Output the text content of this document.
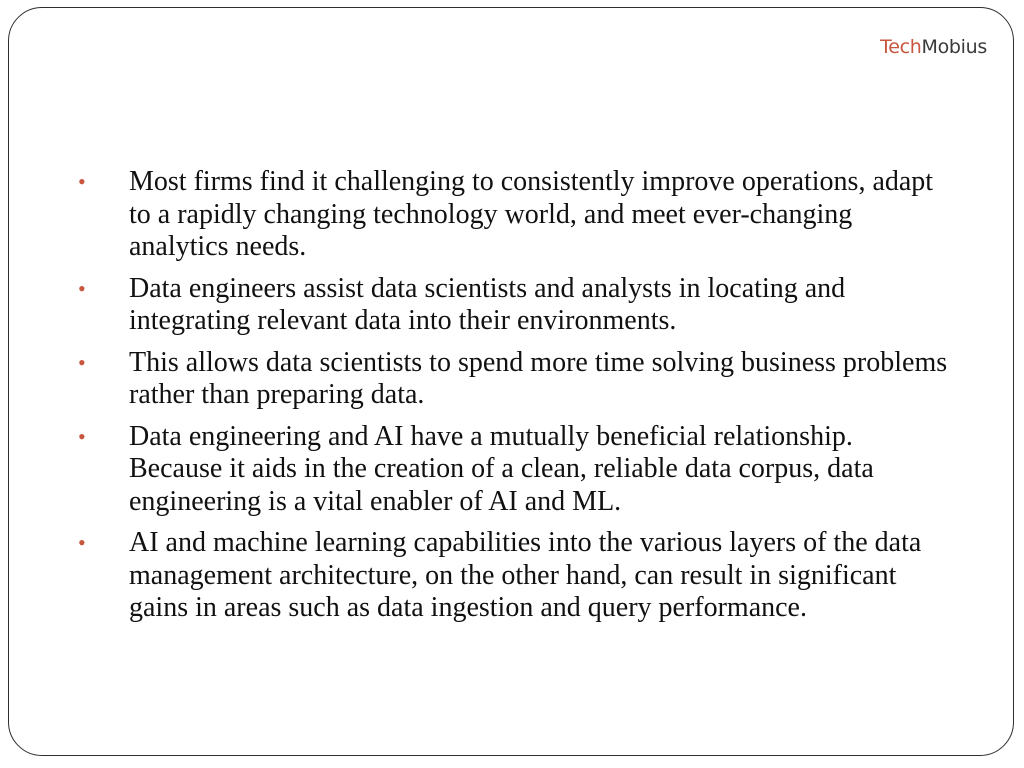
TechMobius
• Most firms find it challenging to consistently improve operations, adapt to a rapidly changing technology world, and meet ever-changing analytics needs.
• Data engineers assist data scientists and analysts in locating and integrating relevant data into their environments.
• This allows data scientists to spend more time solving business problems rather than preparing data.
• Data engineering and AI have a mutually beneficial relationship. Because it aids in the creation of a clean, reliable data corpus, data engineering is a vital enabler of AI and ML.
• AI and machine learning capabilities into the various layers of the data management architecture, on the other hand, can result in significant gains in areas such as data ingestion and query performance.
